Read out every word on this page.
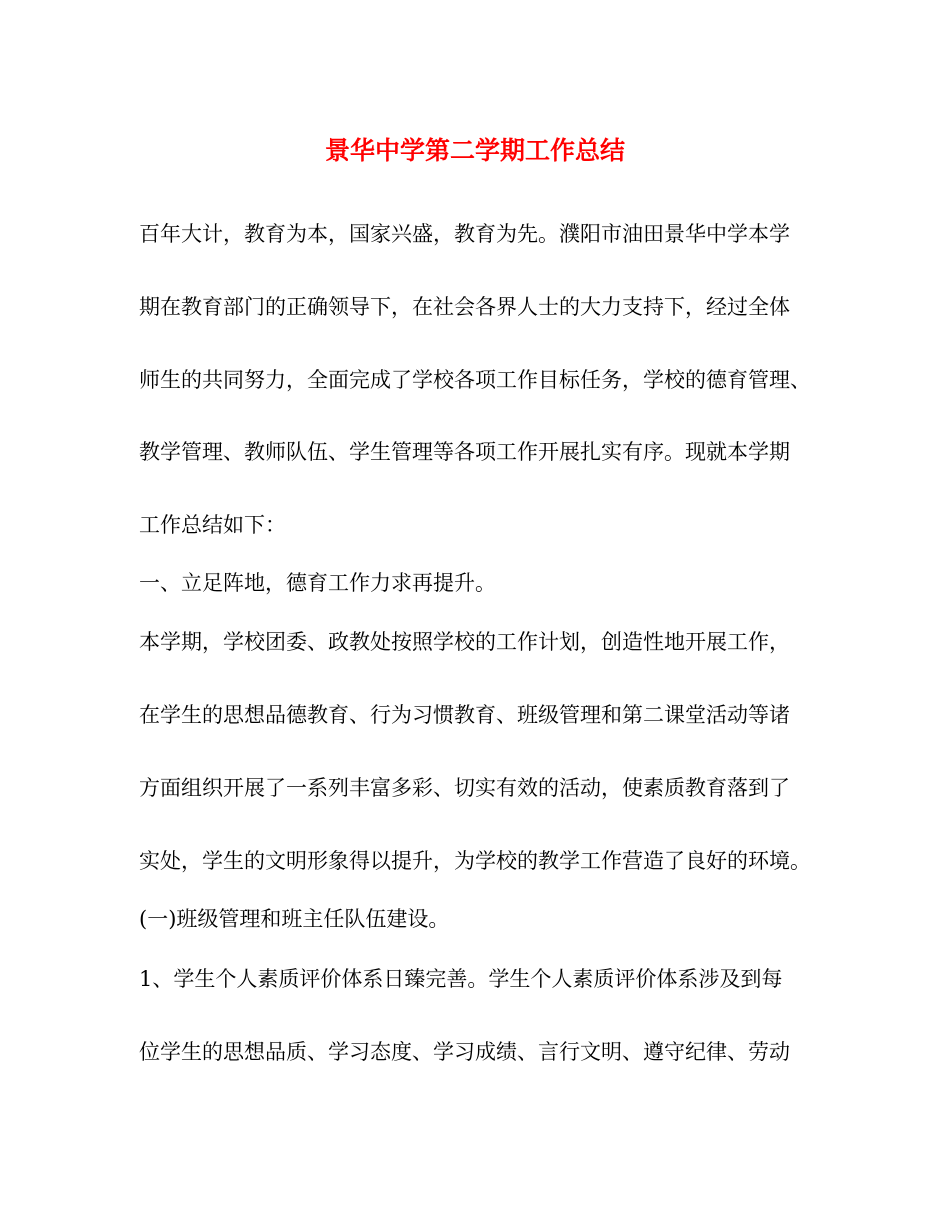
景华中学第二学期工作总结

百年大计，教育为本，国家兴盛，教育为先。濮阳市油田景华中学本学

期在教育部门的正确领导下，在社会各界人士的大力支持下，经过全体

师生的共同努力，全面完成了学校各项工作目标任务，学校的德育管理、

教学管理、教师队伍、学生管理等各项工作开展扎实有序。现就本学期

工作总结如下：

一、立足阵地，德育工作力求再提升。

本学期，学校团委、政教处按照学校的工作计划，创造性地开展工作，

在学生的思想品德教育、行为习惯教育、班级管理和第二课堂活动等诸

方面组织开展了一系列丰富多彩、切实有效的活动，使素质教育落到了

实处，学生的文明形象得以提升，为学校的教学工作营造了良好的环境。

(一)班级管理和班主任队伍建设。

1、学生个人素质评价体系日臻完善。学生个人素质评价体系涉及到每

位学生的思想品质、学习态度、学习成绩、言行文明、遵守纪律、劳动
